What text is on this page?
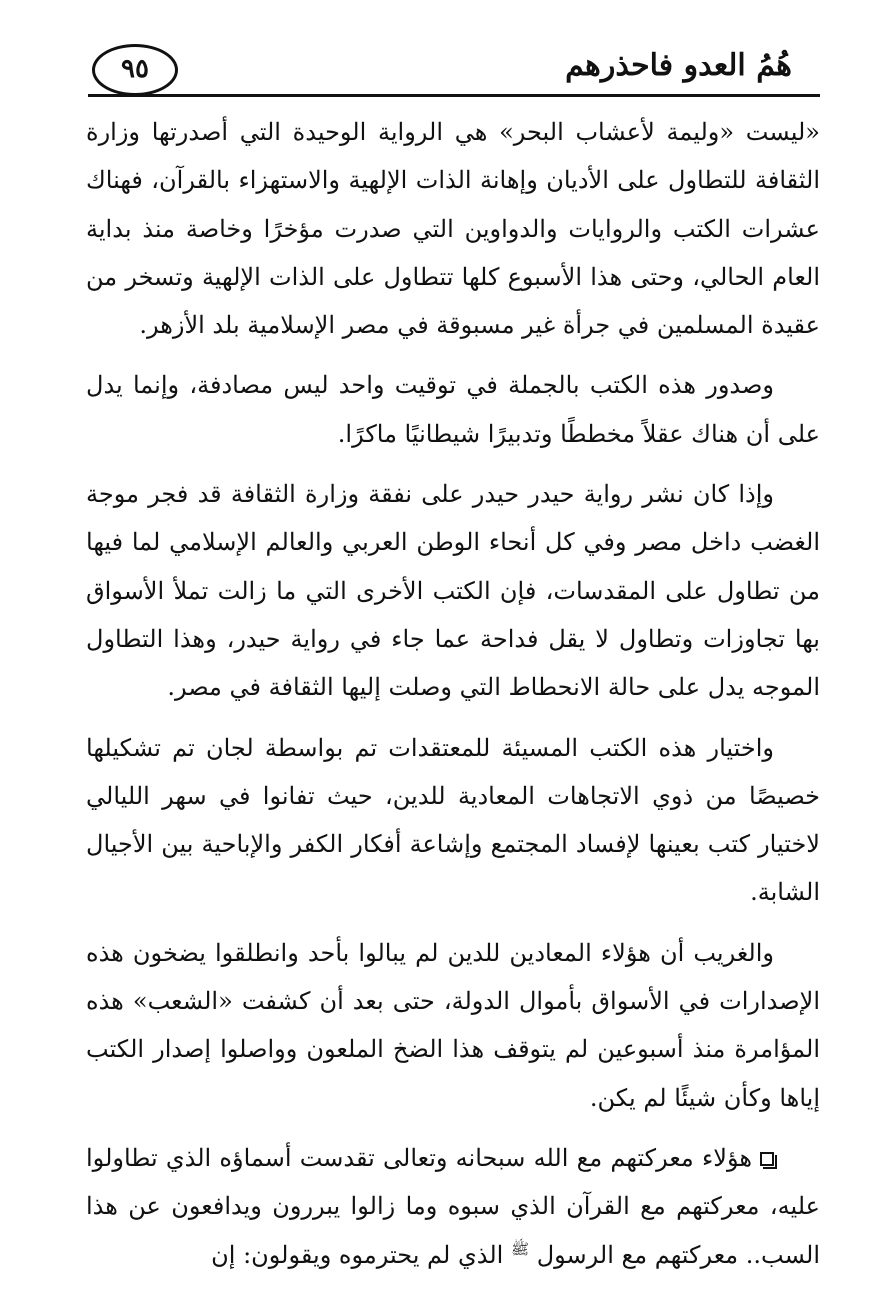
هُمُ العدو فاحذرهم
٩٥

«ليست «وليمة لأعشاب البحر» هي الرواية الوحيدة التي أصدرتها وزارة الثقافة للتطاول على الأديان وإهانة الذات الإلهية والاستهزاء بالقرآن، فهناك عشرات الكتب والروايات والدواوين التي صدرت مؤخرًا وخاصة منذ بداية العام الحالي، وحتى هذا الأسبوع كلها تتطاول على الذات الإلهية وتسخر من عقيدة المسلمين في جرأة غير مسبوقة في مصر الإسلامية بلد الأزهر.

وصدور هذه الكتب بالجملة في توقيت واحد ليس مصادفة، وإنما يدل على أن هناك عقلاً مخططًا وتدبيرًا شيطانيًا ماكرًا.

وإذا كان نشر رواية حيدر حيدر على نفقة وزارة الثقافة قد فجر موجة الغضب داخل مصر وفي كل أنحاء الوطن العربي والعالم الإسلامي لما فيها من تطاول على المقدسات، فإن الكتب الأخرى التي ما زالت تملأ الأسواق بها تجاوزات وتطاول لا يقل فداحة عما جاء في رواية حيدر، وهذا التطاول الموجه يدل على حالة الانحطاط التي وصلت إليها الثقافة في مصر.

واختيار هذه الكتب المسيئة للمعتقدات تم بواسطة لجان تم تشكيلها خصيصًا من ذوي الاتجاهات المعادية للدين، حيث تفانوا في سهر الليالي لاختيار كتب بعينها لإفساد المجتمع وإشاعة أفكار الكفر والإباحية بين الأجيال الشابة.

والغريب أن هؤلاء المعادين للدين لم يبالوا بأحد وانطلقوا يضخون هذه الإصدارات في الأسواق بأموال الدولة، حتى بعد أن كشفت «الشعب» هذه المؤامرة منذ أسبوعين لم يتوقف هذا الضخ الملعون وواصلوا إصدار الكتب إياها وكأن شيئًا لم يكن.

هؤلاء معركتهم مع الله سبحانه وتعالى تقدست أسماؤه الذي تطاولوا عليه، معركتهم مع القرآن الذي سبوه وما زالوا يبررون ويدافعون عن هذا السب.. معركتهم مع الرسول $^ﷺ$ الذي لم يحترموه ويقولون: إن
